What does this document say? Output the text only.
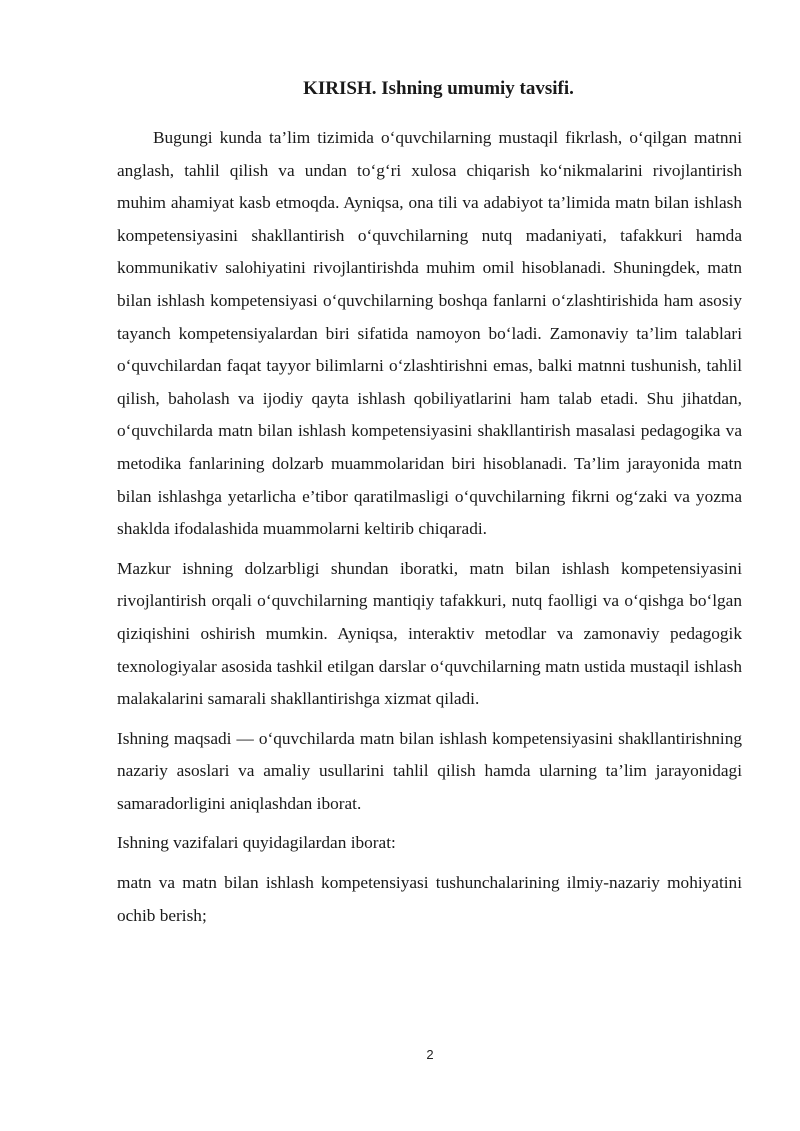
KIRISH. Ishning umumiy tavsifi.

Bugungi kunda ta’lim tizimida o‘quvchilarning mustaqil fikrlash, o‘qilgan matnni anglash, tahlil qilish va undan to‘g‘ri xulosa chiqarish ko‘nikmalarini rivojlantirish muhim ahamiyat kasb etmoqda. Ayniqsa, ona tili va adabiyot ta’limida matn bilan ishlash kompetensiyasini shakllantirish o‘quvchilarning nutq madaniyati, tafakkuri hamda kommunikativ salohiyatini rivojlantirishda muhim omil hisoblanadi. Shuningdek, matn bilan ishlash kompetensiyasi o‘quvchilarning boshqa fanlarni o‘zlashtirishida ham asosiy tayanch kompetensiyalardan biri sifatida namoyon bo‘ladi. Zamonaviy ta’lim talablari o‘quvchilardan faqat tayyor bilimlarni o‘zlashtirishni emas, balki matnni tushunish, tahlil qilish, baholash va ijodiy qayta ishlash qobiliyatlarini ham talab etadi. Shu jihatdan, o‘quvchilarda matn bilan ishlash kompetensiyasini shakllantirish masalasi pedagogika va metodika fanlarining dolzarb muammolaridan biri hisoblanadi. Ta’lim jarayonida matn bilan ishlashga yetarlicha e’tibor qaratilmasligi o‘quvchilarning fikrni og‘zaki va yozma shaklda ifodalashida muammolarni keltirib chiqaradi.

Mazkur ishning dolzarbligi shundan iboratki, matn bilan ishlash kompetensiyasini rivojlantirish orqali o‘quvchilarning mantiqiy tafakkuri, nutq faolligi va o‘qishga bo‘lgan qiziqishini oshirish mumkin. Ayniqsa, interaktiv metodlar va zamonaviy pedagogik texnologiyalar asosida tashkil etilgan darslar o‘quvchilarning matn ustida mustaqil ishlash malakalarini samarali shakllantirishga xizmat qiladi.

Ishning maqsadi — o‘quvchilarda matn bilan ishlash kompetensiyasini shakllantirishning nazariy asoslari va amaliy usullarini tahlil qilish hamda ularning ta’lim jarayonidagi samaradorligini aniqlashdan iborat.

Ishning vazifalari quyidagilardan iborat:

matn va matn bilan ishlash kompetensiyasi tushunchalarining ilmiy-nazariy mohiyatini ochib berish;

2
